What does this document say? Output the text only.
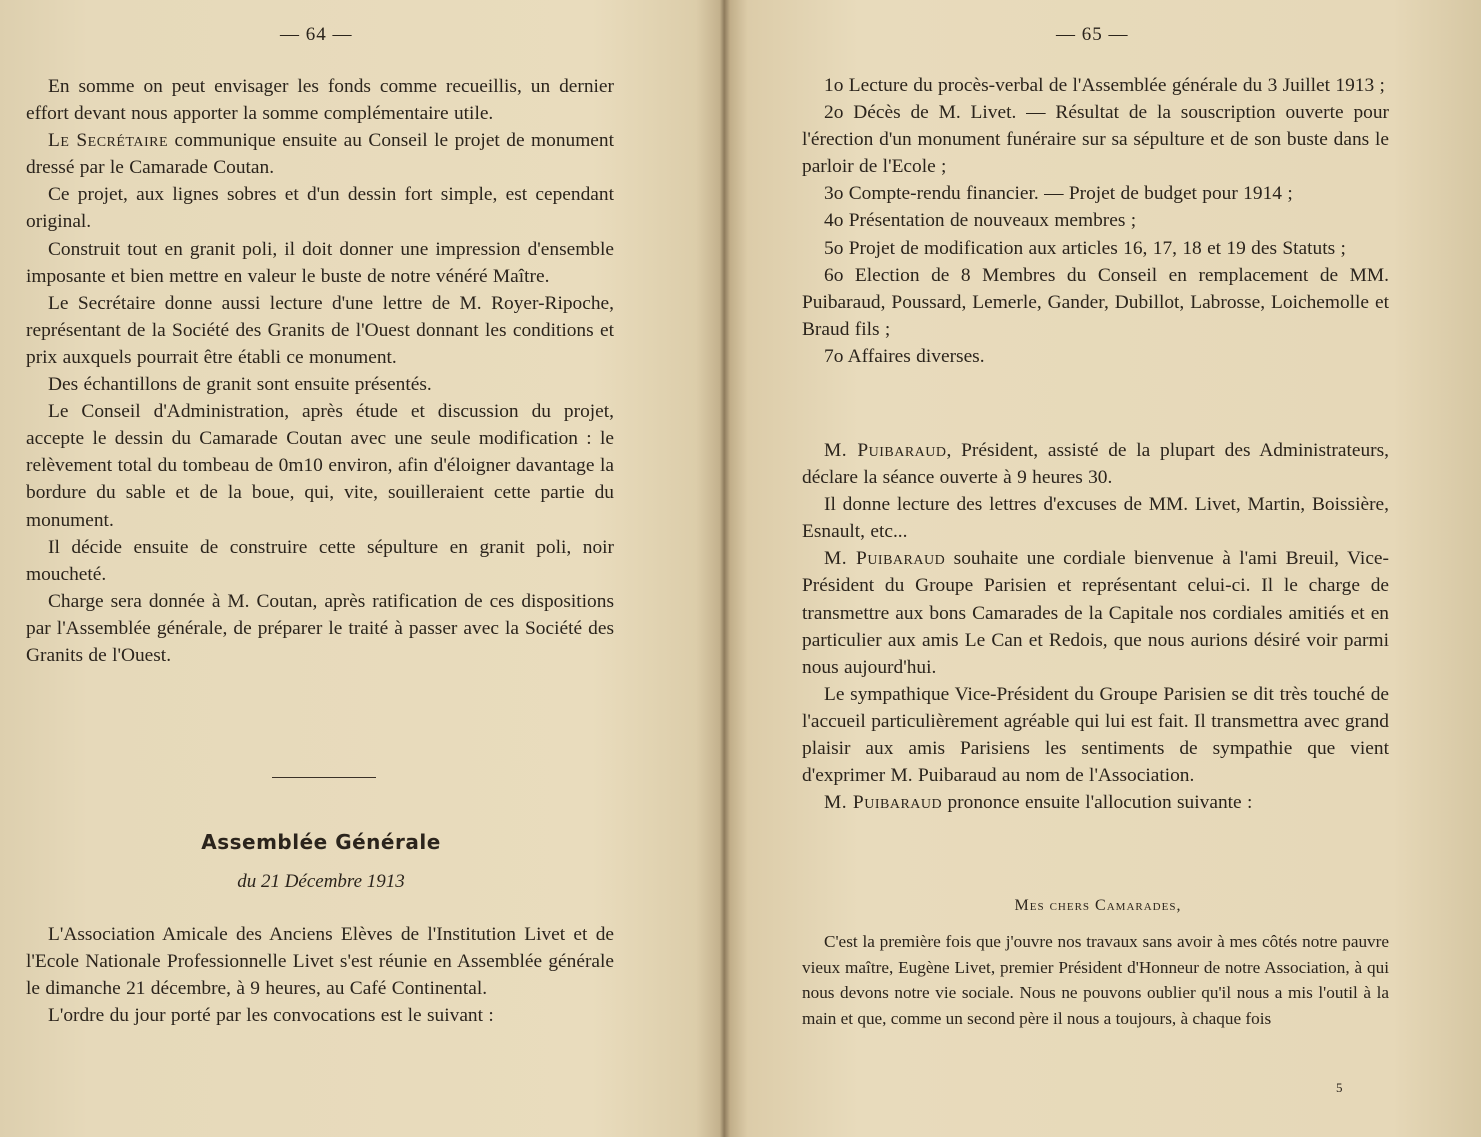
— 64 —

En somme on peut envisager les fonds comme recueillis, un dernier effort devant nous apporter la somme complémentaire utile.

Le Secrétaire communique ensuite au Conseil le projet de monument dressé par le Camarade Coutan.

Ce projet, aux lignes sobres et d'un dessin fort simple, est cependant original.

Construit tout en granit poli, il doit donner une impression d'ensemble imposante et bien mettre en valeur le buste de notre vénéré Maître.

Le Secrétaire donne aussi lecture d'une lettre de M. Royer-Ripoche, représentant de la Société des Granits de l'Ouest donnant les conditions et prix auxquels pourrait être établi ce monument.

Des échantillons de granit sont ensuite présentés.

Le Conseil d'Administration, après étude et discussion du projet, accepte le dessin du Camarade Coutan avec une seule modification : le relèvement total du tombeau de 0m10 environ, afin d'éloigner davantage la bordure du sable et de la boue, qui, vite, souilleraient cette partie du monument.

Il décide ensuite de construire cette sépulture en granit poli, noir moucheté.

Charge sera donnée à M. Coutan, après ratification de ces dispositions par l'Assemblée générale, de préparer le traité à passer avec la Société des Granits de l'Ouest.

Assemblée Générale
du 21 Décembre 1913

L'Association Amicale des Anciens Elèves de l'Institution Livet et de l'Ecole Nationale Professionnelle Livet s'est réunie en Assemblée générale le dimanche 21 décembre, à 9 heures, au Café Continental.

L'ordre du jour porté par les convocations est le suivant :

— 65 —

1o Lecture du procès-verbal de l'Assemblée générale du 3 Juillet 1913 ;

2o Décès de M. Livet. — Résultat de la souscription ouverte pour l'érection d'un monument funéraire sur sa sépulture et de son buste dans le parloir de l'Ecole ;

3o Compte-rendu financier. — Projet de budget pour 1914 ;

4o Présentation de nouveaux membres ;

5o Projet de modification aux articles 16, 17, 18 et 19 des Statuts ;

6o Election de 8 Membres du Conseil en remplacement de MM. Puibaraud, Poussard, Lemerle, Gander, Dubillot, Labrosse, Loichemolle et Braud fils ;

7o Affaires diverses.

M. Puibaraud, Président, assisté de la plupart des Administrateurs, déclare la séance ouverte à 9 heures 30.

Il donne lecture des lettres d'excuses de MM. Livet, Martin, Boissière, Esnault, etc...

M. Puibaraud souhaite une cordiale bienvenue à l'ami Breuil, Vice-Président du Groupe Parisien et représentant celui-ci. Il le charge de transmettre aux bons Camarades de la Capitale nos cordiales amitiés et en particulier aux amis Le Can et Redois, que nous aurions désiré voir parmi nous aujourd'hui.

Le sympathique Vice-Président du Groupe Parisien se dit très touché de l'accueil particulièrement agréable qui lui est fait. Il transmettra avec grand plaisir aux amis Parisiens les sentiments de sympathie que vient d'exprimer M. Puibaraud au nom de l'Association.

M. Puibaraud prononce ensuite l'allocution suivante :

Mes chers Camarades,

C'est la première fois que j'ouvre nos travaux sans avoir à mes côtés notre pauvre vieux maître, Eugène Livet, premier Président d'Honneur de notre Association, à qui nous devons notre vie sociale. Nous ne pouvons oublier qu'il nous a mis l'outil à la main et que, comme un second père il nous a toujours, à chaque fois

5
